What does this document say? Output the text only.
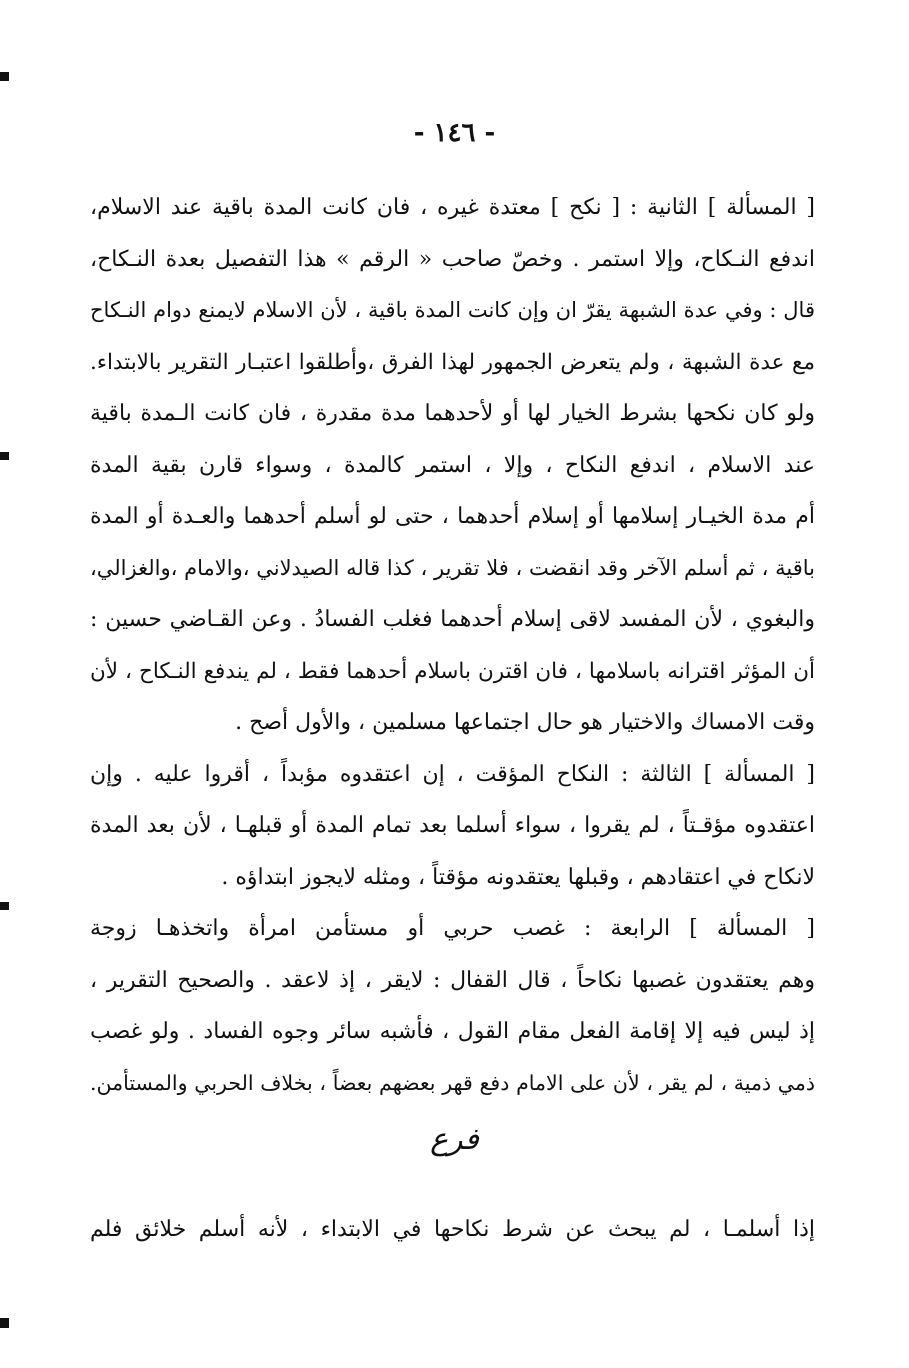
- ١٤٦ -
[ المسألة ] الثانية : [ نكح ] معتدة غيره ، فان كانت المدة باقية عند الاسلام،
اندفع النـكاح، وإلا استمر . وخصّ صاحب « الرقم » هذا التفصيل بعدة النـكاح،
قال : وفي عدة الشبهة يقرّ ان وإن كانت المدة باقية ، لأن الاسلام لايمنع دوام النـكاح
مع عدة الشبهة ، ولم يتعرض الجمهور لهذا الفرق ،وأطلقوا اعتبـار التقرير بالابتداء.
ولو كان نكحها بشرط الخيار لها أو لأحدهما مدة مقدرة ، فان كانت الـمدة باقية
عند الاسلام ، اندفع النكاح ، وإلا ، استمر كالمدة ، وسواء قارن بقية المدة
أم مدة الخيـار إسلامها أو إسلام أحدهما ، حتى لو أسلم أحدهما والعـدة أو المدة
باقية ، ثم أسلم الآخر وقد انقضت ، فلا تقرير ، كذا قاله الصيدلاني ،والامام ،والغزالي،
والبغوي ، لأن المفسد لاقى إسلام أحدهما فغلب الفسادُ . وعن القـاضي حسين :
أن المؤثر اقترانه باسلامها ، فان اقترن باسلام أحدهما فقط ، لم يندفع النـكاح ، لأن
وقت الامساك والاختيار هو حال اجتماعها مسلمين ، والأول أصح .
[ المسألة ] الثالثة : النكاح المؤقت ، إن اعتقدوه مؤبداً ، أقروا عليه . وإن
اعتقدوه مؤقـتاً ، لم يقروا ، سواء أسلما بعد تمام المدة أو قبلهـا ، لأن بعد المدة
لانكاح في اعتقادهم ، وقبلها يعتقدونه مؤقتاً ، ومثله لايجوز ابتداؤه .
[ المسألة ] الرابعة : غصب حربي أو مستأمن امرأة واتخذهـا زوجة
وهم يعتقدون غصبها نكاحاً ، قال القفال : لايقر ، إذ لاعقد . والصحيح التقرير ،
إذ ليس فيه إلا إقامة الفعل مقام القول ، فأشبه سائر وجوه الفساد . ولو غصب
ذمي ذمية ، لم يقر ، لأن على الامام دفع قهر بعضهم بعضاً ، بخلاف الحربي والمستأمن.
فرع
إذا أسلمـا ، لم يبحث عن شرط نكاحها في الابتداء ، لأنه أسلم خلائق فلم
